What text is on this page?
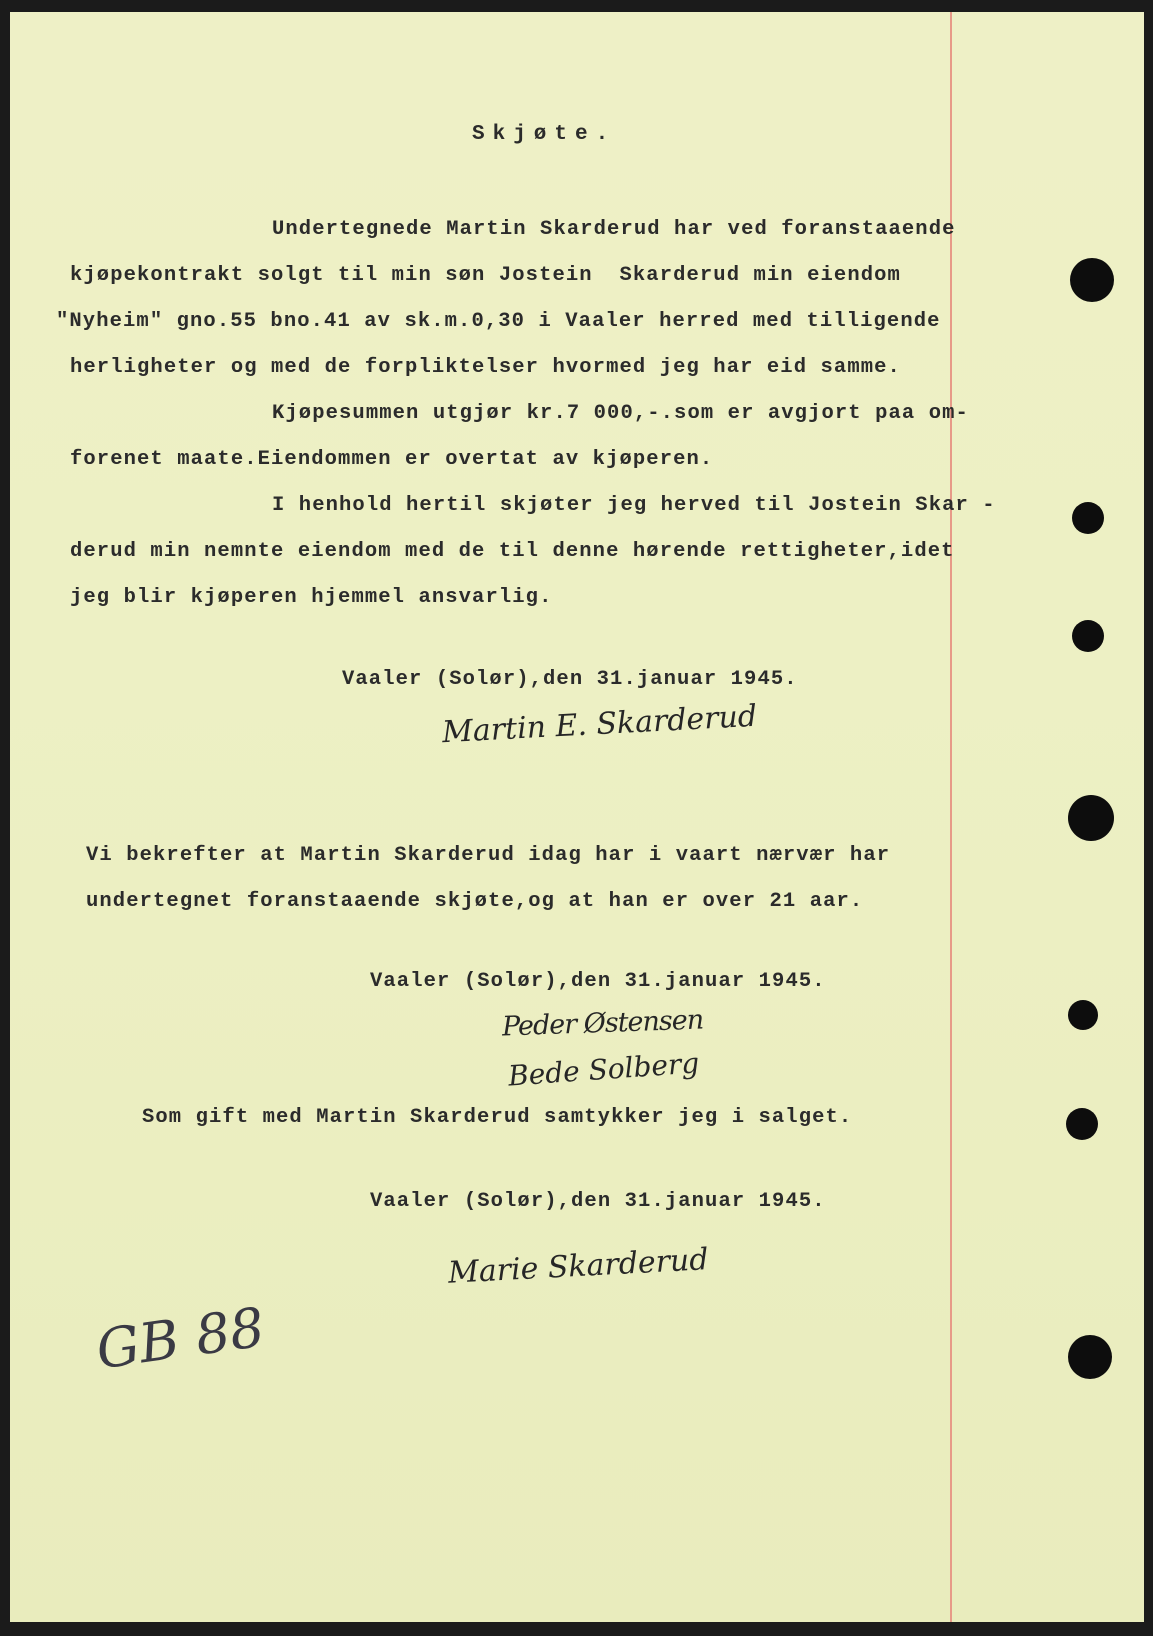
Skjøte.
Undertegnede Martin Skarderud har ved foranstaaende
kjøpekontrakt solgt til min søn Jostein  Skarderud min eiendom
"Nyheim" gno.55 bno.41 av sk.m.0,30 i Vaaler herred med tilligende
herligheter og med de forpliktelser hvormed jeg har eid samme.
Kjøpesummen utgjør kr.7 000,-.som er avgjort paa om-
forenet maate.Eiendommen er overtat av kjøperen.
I henhold hertil skjøter jeg herved til Jostein Skar -
derud min nemnte eiendom med de til denne hørende rettigheter,idet
jeg blir kjøperen hjemmel ansvarlig.
Vaaler (Solør),den 31.januar 1945.
Martin E. Skarderud
Vi bekrefter at Martin Skarderud idag har i vaart nærvær har
undertegnet foranstaaende skjøte,og at han er over 21 aar.
Vaaler (Solør),den 31.januar 1945.
Peder Østensen
Bede Solberg
Som gift med Martin Skarderud samtykker jeg i salget.
Vaaler (Solør),den 31.januar 1945.
Marie Skarderud
GB 88
